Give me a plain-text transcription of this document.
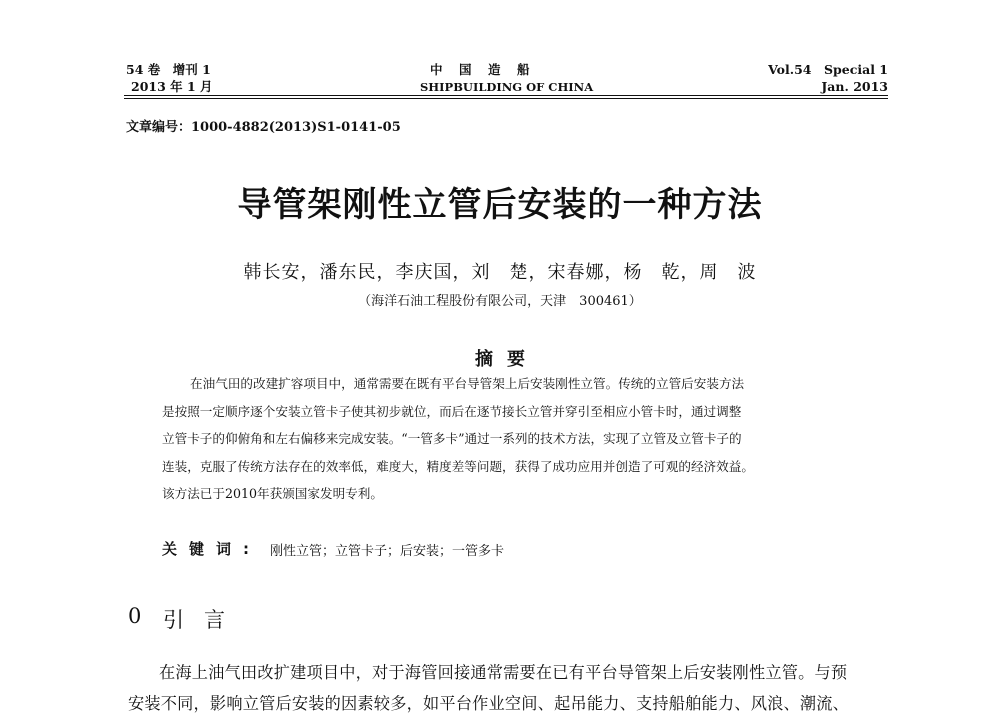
54 卷　增刊 1
2013 年 1 月
中　国　造　船
SHIPBUILDING OF CHINA
Vol.54　Special 1
Jan. 2013
文章编号：1000-4882(2013)S1-0141-05
导管架刚性立管后安装的一种方法
韩长安，潘东民，李庆国，刘　楚，宋春娜，杨　乾，周　波
（海洋石油工程股份有限公司，天津　300461）
摘要
在油气田的改建扩容项目中，通常需要在既有平台导管架上后安装刚性立管。传统的立管后安装方法
是按照一定顺序逐个安装立管卡子使其初步就位，而后在逐节接长立管并穿引至相应小管卡时，通过调整
立管卡子的仰俯角和左右偏移来完成安装。“一管多卡”通过一系列的技术方法，实现了立管及立管卡子的
连装，克服了传统方法存在的效率低，难度大，精度差等问题，获得了成功应用并创造了可观的经济效益。
该方法已于2010年获颁国家发明专利。
关键词: 刚性立管；立管卡子；后安装；一管多卡
0 引言
在海上油气田改扩建项目中，对于海管回接通常需要在已有平台导管架上后安装刚性立管。与预
安装不同，影响立管后安装的因素较多，如平台作业空间、起吊能力、支持船舶能力、风浪、潮流、
